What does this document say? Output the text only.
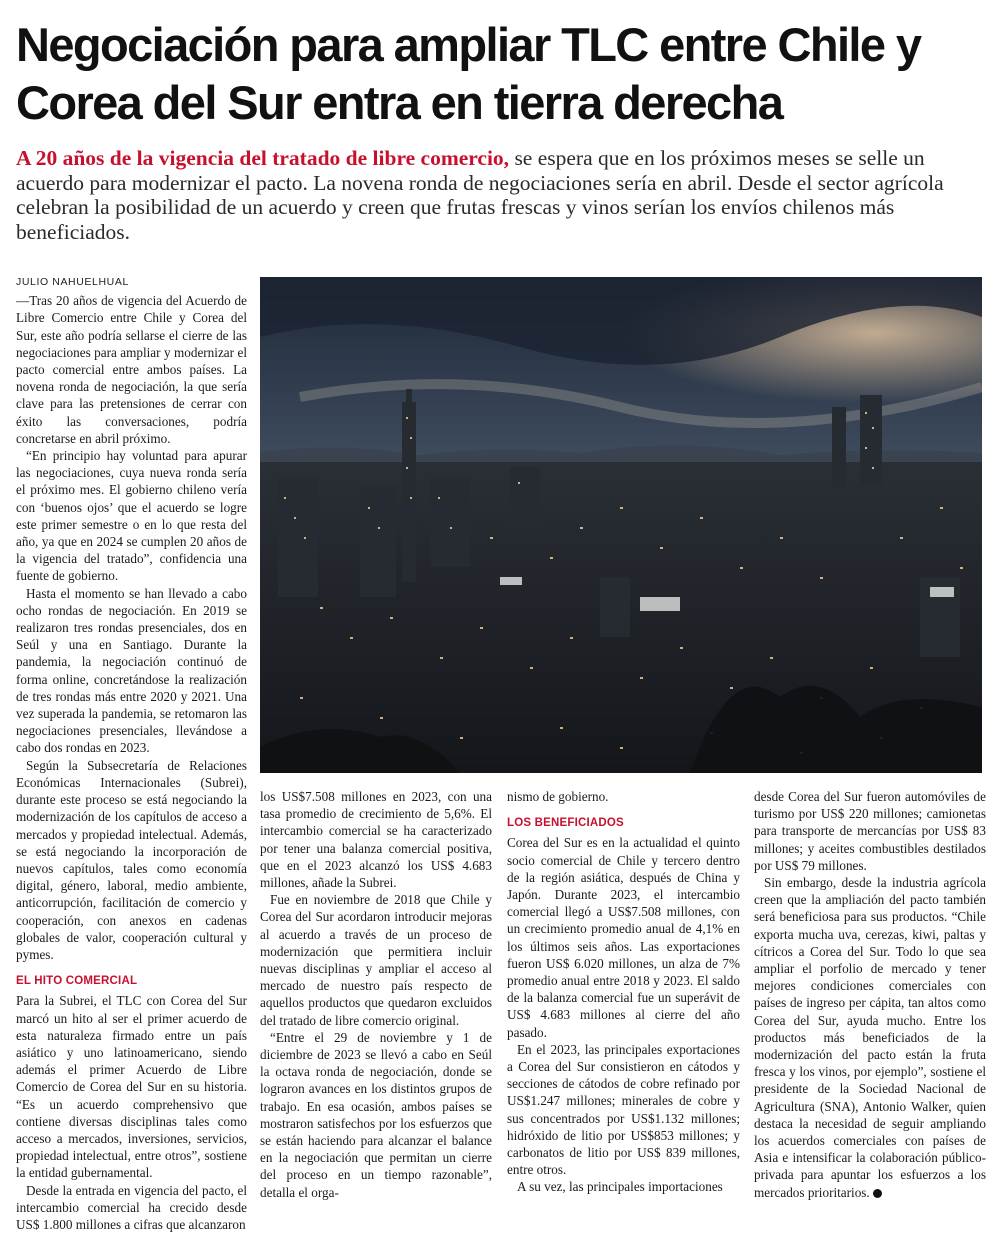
Negociación para ampliar TLC entre Chile y Corea del Sur entra en tierra derecha

A 20 años de la vigencia del tratado de libre comercio, se espera que en los próximos meses se selle un acuerdo para modernizar el pacto. La novena ronda de negociaciones sería en abril. Desde el sector agrícola celebran la posibilidad de un acuerdo y creen que frutas frescas y vinos serían los envíos chilenos más beneficiados.

JULIO NAHUELHUAL

—Tras 20 años de vigencia del Acuerdo de Libre Comercio entre Chile y Corea del Sur, este año podría sellarse el cierre de las negociaciones para ampliar y modernizar el pacto comercial entre ambos países. La novena ronda de negociación, la que sería clave para las pretensiones de cerrar con éxito las conversaciones, podría concretarse en abril próximo.

“En principio hay voluntad para apurar las negociaciones, cuya nueva ronda sería el próximo mes. El gobierno chileno vería con ‘buenos ojos’ que el acuerdo se logre este primer semestre o en lo que resta del año, ya que en 2024 se cumplen 20 años de la vigencia del tratado”, confidencia una fuente de gobierno.

Hasta el momento se han llevado a cabo ocho rondas de negociación. En 2019 se realizaron tres rondas presenciales, dos en Seúl y una en Santiago. Durante la pandemia, la negociación continuó de forma online, concretándose la realización de tres rondas más entre 2020 y 2021. Una vez superada la pandemia, se retomaron las negociaciones presenciales, llevándose a cabo dos rondas en 2023.

Según la Subsecretaría de Relaciones Económicas Internacionales (Subrei), durante este proceso se está negociando la modernización de los capítulos de acceso a mercados y propiedad intelectual. Además, se está negociando la incorporación de nuevos capítulos, tales como economía digital, género, laboral, medio ambiente, anticorrupción, facilitación de comercio y cooperación, con anexos en cadenas globales de valor, cooperación cultural y pymes.

EL HITO COMERCIAL

Para la Subrei, el TLC con Corea del Sur marcó un hito al ser el primer acuerdo de esta naturaleza firmado entre un país asiático y uno latinoamericano, siendo además el primer Acuerdo de Libre Comercio de Corea del Sur en su historia. “Es un acuerdo comprehensivo que contiene diversas disciplinas tales como acceso a mercados, inversiones, servicios, propiedad intelectual, entre otros”, sostiene la entidad gubernamental.

Desde la entrada en vigencia del pacto, el intercambio comercial ha crecido desde US$ 1.800 millones a cifras que alcanzaron

los US$7.508 millones en 2023, con una tasa promedio de crecimiento de 5,6%. El intercambio comercial se ha caracterizado por tener una balanza comercial positiva, que en el 2023 alcanzó los US$ 4.683 millones, añade la Subrei.

Fue en noviembre de 2018 que Chile y Corea del Sur acordaron introducir mejoras al acuerdo a través de un proceso de modernización que permitiera incluir nuevas disciplinas y ampliar el acceso al mercado de nuestro país respecto de aquellos productos que quedaron excluidos del tratado de libre comercio original.

“Entre el 29 de noviembre y 1 de diciembre de 2023 se llevó a cabo en Seúl la octava ronda de negociación, donde se lograron avances en los distintos grupos de trabajo. En esa ocasión, ambos países se mostraron satisfechos por los esfuerzos que se están haciendo para alcanzar el balance en la negociación que permitan un cierre del proceso en un tiempo razonable”, detalla el orga-

nismo de gobierno.

LOS BENEFICIADOS

Corea del Sur es en la actualidad el quinto socio comercial de Chile y tercero dentro de la región asiática, después de China y Japón. Durante 2023, el intercambio comercial llegó a US$7.508 millones, con un crecimiento promedio anual de 4,1% en los últimos seis años. Las exportaciones fueron US$ 6.020 millones, un alza de 7% promedio anual entre 2018 y 2023. El saldo de la balanza comercial fue un superávit de US$ 4.683 millones al cierre del año pasado.

En el 2023, las principales exportaciones a Corea del Sur consistieron en cátodos y secciones de cátodos de cobre refinado por US$1.247 millones; minerales de cobre y sus concentrados por US$1.132 millones; hidróxido de litio por US$853 millones; y carbonatos de litio por US$ 839 millones, entre otros.

A su vez, las principales importaciones

desde Corea del Sur fueron automóviles de turismo por US$ 220 millones; camionetas para transporte de mercancías por US$ 83 millones; y aceites combustibles destilados por US$ 79 millones.

Sin embargo, desde la industria agrícola creen que la ampliación del pacto también será beneficiosa para sus productos. “Chile exporta mucha uva, cerezas, kiwi, paltas y cítricos a Corea del Sur. Todo lo que sea ampliar el porfolio de mercado y tener mejores condiciones comerciales con países de ingreso per cápita, tan altos como Corea del Sur, ayuda mucho. Entre los productos más beneficiados de la modernización del pacto están la fruta fresca y los vinos, por ejemplo”, sostiene el presidente de la Sociedad Nacional de Agricultura (SNA), Antonio Walker, quien destaca la necesidad de seguir ampliando los acuerdos comerciales con países de Asia e intensificar la colaboración público-privada para apuntar los esfuerzos a los mercados prioritarios.
